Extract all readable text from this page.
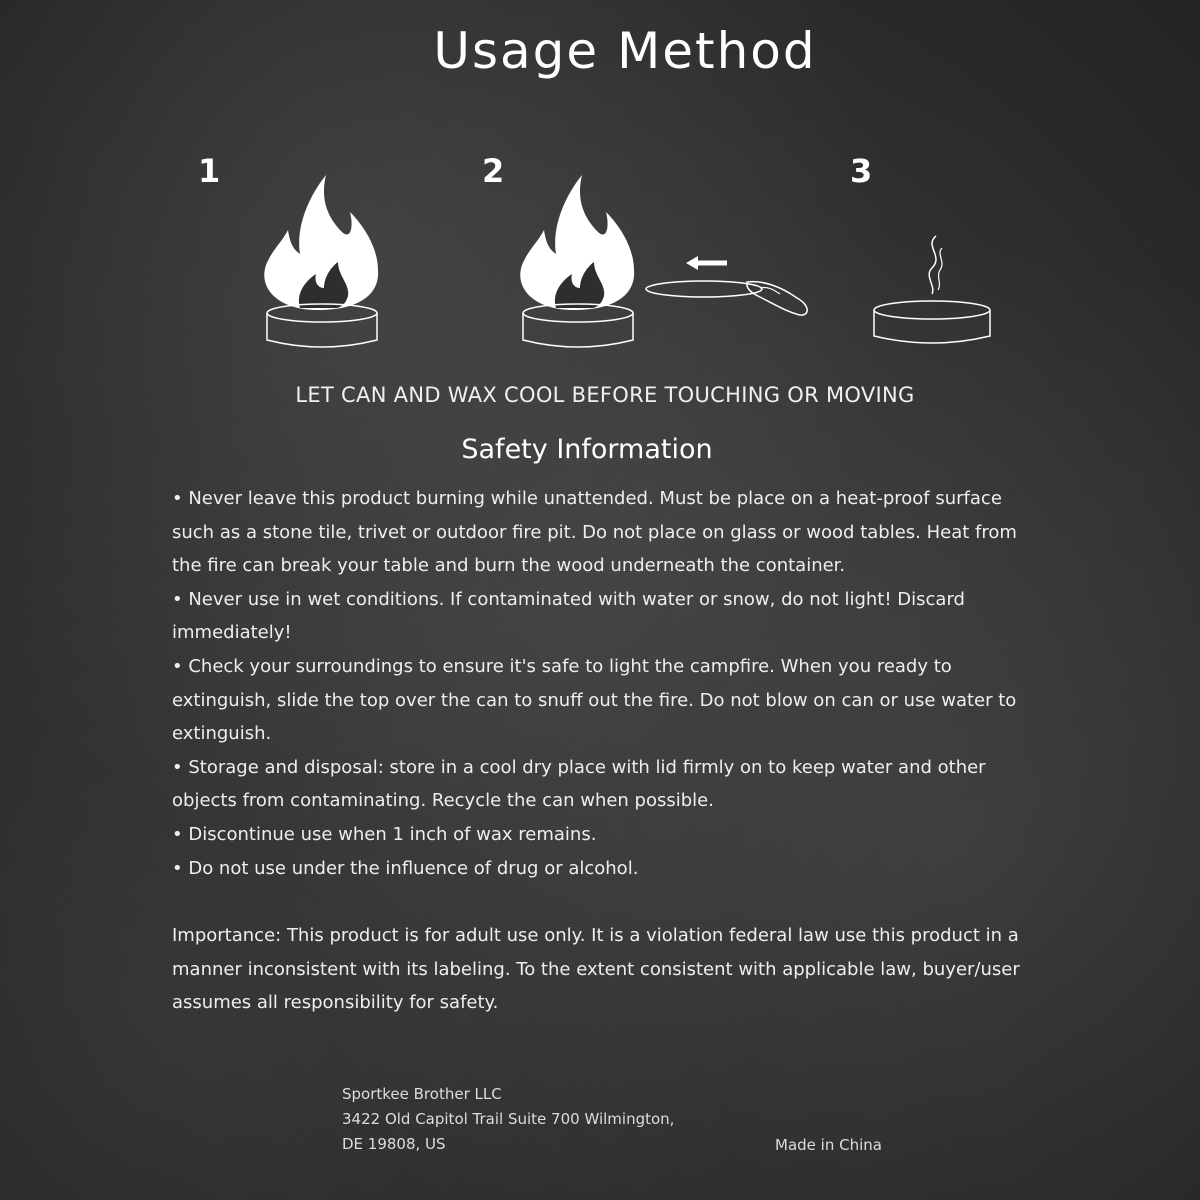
Usage Method
1	2	3
LET CAN AND WAX COOL BEFORE TOUCHING OR MOVING
Safety Information

• Never leave this product burning while unattended. Must be place on a heat-proof surface such as a stone tile, trivet or outdoor fire pit. Do not place on glass or wood tables. Heat from the fire can break your table and burn the wood underneath the container.

• Never use in wet conditions. If contaminated with water or snow, do not light! Discard immediately!

• Check your surroundings to ensure it's safe to light the campfire. When you ready to extinguish, slide the top over the can to snuff out the fire. Do not blow on can or use water to extinguish.

• Storage and disposal: store in a cool dry place with lid firmly on to keep water and other objects from contaminating. Recycle the can when possible.

• Discontinue use when 1 inch of wax remains.

• Do not use under the influence of drug or alcohol.

Importance: This product is for adult use only. It is a violation federal law use this product in a manner inconsistent with its labeling. To the extent consistent with applicable law, buyer/user assumes all responsibility for safety.
Sportkee Brother LLC
3422 Old Capitol Trail Suite 700 Wilmington,
DE 19808, US	Made in China
